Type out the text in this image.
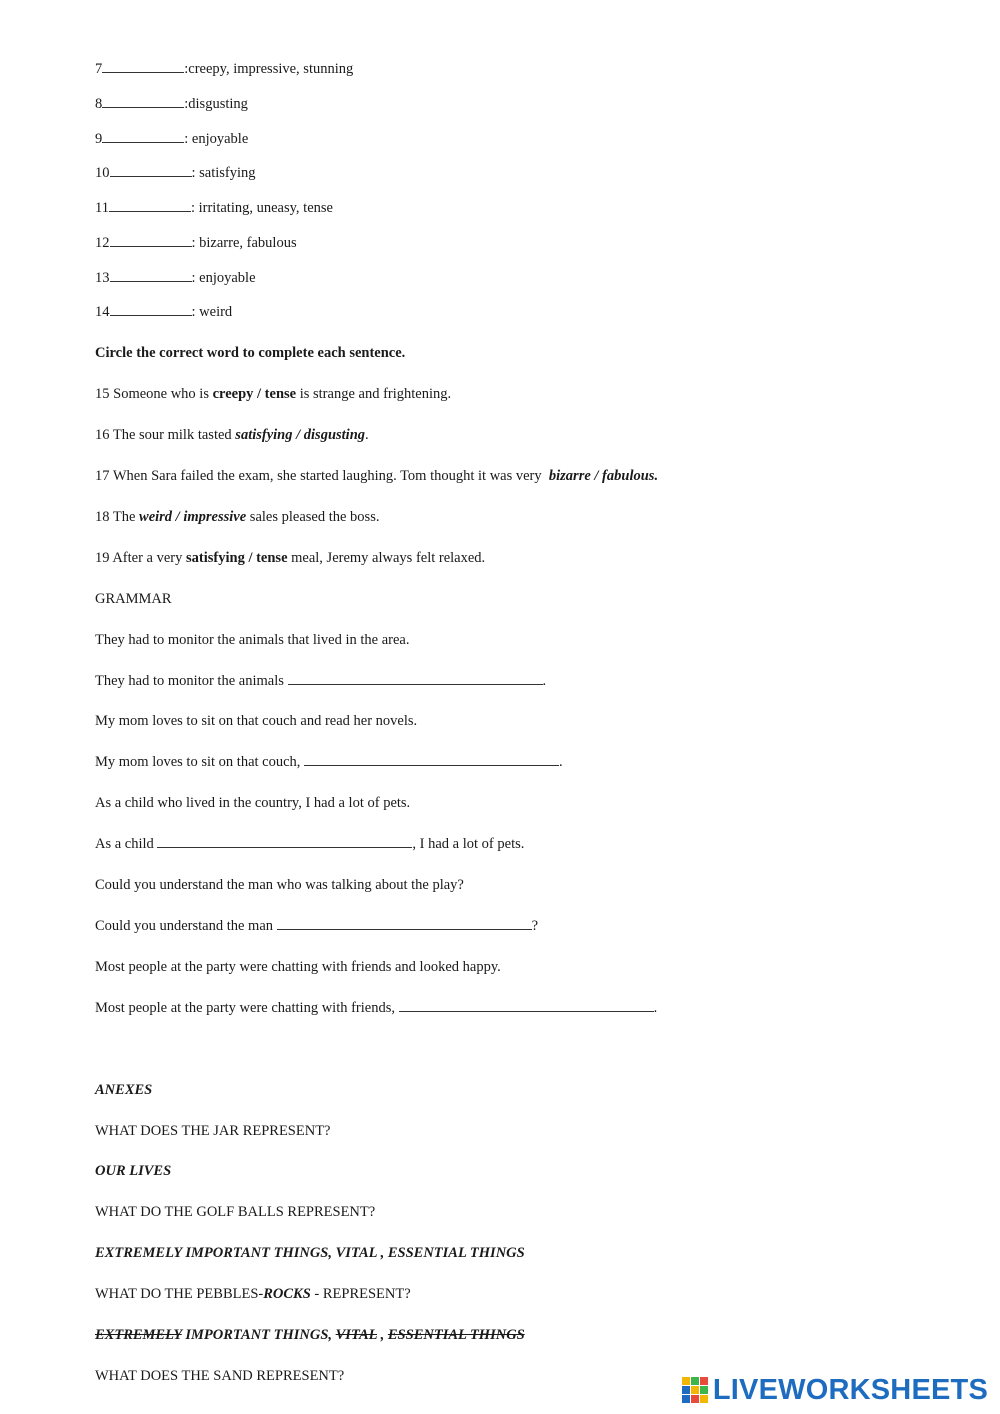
7	:creepy, impressive, stunning
8	:disgusting
9	: enjoyable
10	: satisfying
11	: irritating, uneasy, tense
12	: bizarre, fabulous
13	: enjoyable
14	: weird
Circle the correct word to complete each sentence.
15 Someone who is creepy / tense is strange and frightening.
16 The sour milk tasted satisfying / disgusting.
17 When Sara failed the exam, she started laughing. Tom thought it was very  bizarre / fabulous.
18 The weird / impressive sales pleased the boss.
19 After a very satisfying / tense meal, Jeremy always felt relaxed.
GRAMMAR
They had to monitor the animals that lived in the area.
They had to monitor the animals	.
My mom loves to sit on that couch and read her novels.
My mom loves to sit on that couch,	.
As a child who lived in the country, I had a lot of pets.
As a child	, I had a lot of pets.
Could you understand the man who was talking about the play?
Could you understand the man	?
Most people at the party were chatting with friends and looked happy.
Most people at the party were chatting with friends,	.
ANEXES
WHAT DOES THE JAR REPRESENT?
OUR LIVES
WHAT DO THE GOLF BALLS REPRESENT?
EXTREMELY IMPORTANT THINGS, VITAL , ESSENTIAL THINGS
WHAT DO THE PEBBLES-ROCKS - REPRESENT?
EXTREMELY IMPORTANT THINGS, VITAL , ESSENTIAL THINGS
WHAT DOES THE SAND REPRESENT?	LIVEWORKSHEETS
